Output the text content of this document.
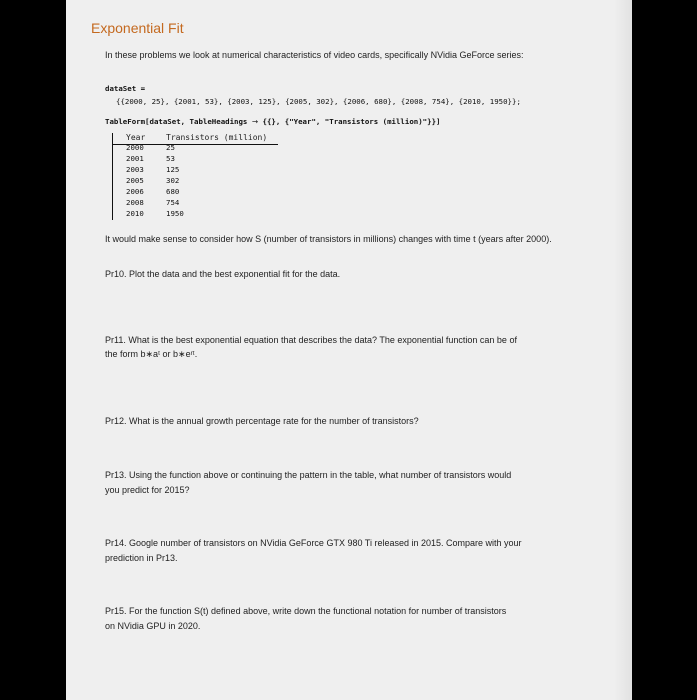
Exponential Fit
In these problems we look at numerical characteristics of video cards, specifically NVidia GeForce series:
dataSet =
{{2000, 25}, {2001, 53}, {2003, 125}, {2005, 302}, {2006, 680}, {2008, 754}, {2010, 1950}};
TableForm[dataSet, TableHeadings → {{}, {"Year", "Transistors (million)"}}]
Year
2000
2001
2003
2005
2006
2008
2010
Transistors (million)
25
53
125
302
680
754
1950
It would make sense to consider how S (number of transistors in millions) changes with time t (years after 2000).
Pr10. Plot the data and the best exponential fit for the data.
Pr11. What is the best exponential equation that describes the data? The exponential function can be of
the form b∗aᵗ or b∗eʳᵗ.
Pr12. What is the annual growth percentage rate for the number of transistors?
Pr13. Using the function above or continuing the pattern in the table, what number of transistors would
you predict for 2015?
Pr14. Google number of transistors on NVidia GeForce GTX 980 Ti released in 2015. Compare with your
prediction in Pr13.
Pr15. For the function S(t) defined above, write down the functional notation for number of transistors
on NVidia GPU in 2020.
